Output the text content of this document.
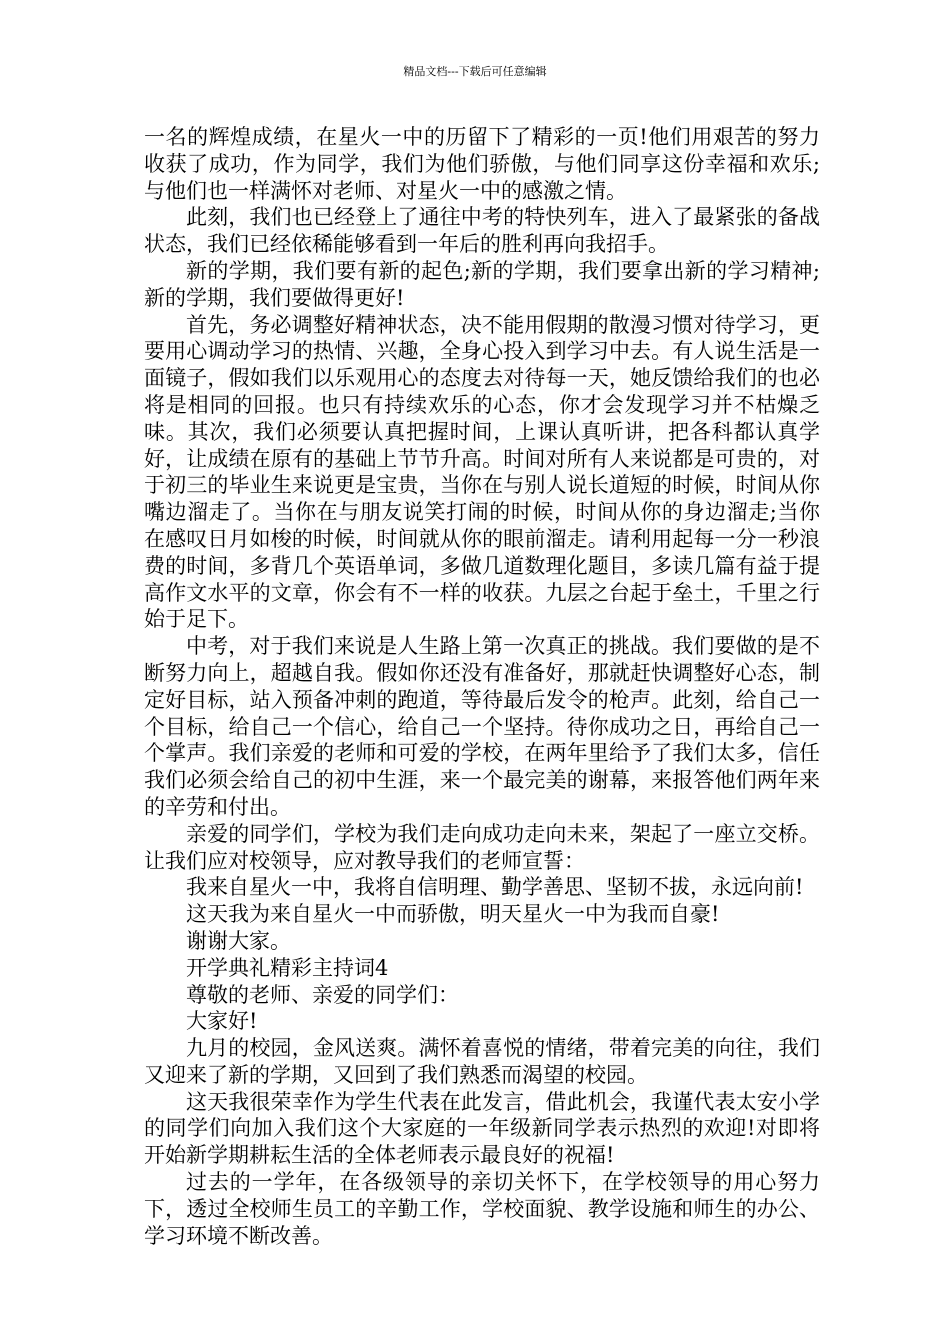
精品文档---下载后可任意编辑

一名的辉煌成绩，在星火一中的历留下了精彩的一页!他们用艰苦的努力收获了成功，作为同学，我们为他们骄傲，与他们同享这份幸福和欢乐;与他们也一样满怀对老师、对星火一中的感激之情。

此刻，我们也已经登上了通往中考的特快列车，进入了最紧张的备战状态，我们已经依稀能够看到一年后的胜利再向我招手。

新的学期，我们要有新的起色;新的学期，我们要拿出新的学习精神;新的学期，我们要做得更好!

首先，务必调整好精神状态，决不能用假期的散漫习惯对待学习，更要用心调动学习的热情、兴趣，全身心投入到学习中去。有人说生活是一面镜子，假如我们以乐观用心的态度去对待每一天，她反馈给我们的也必将是相同的回报。也只有持续欢乐的心态，你才会发现学习并不枯燥乏味。其次，我们必须要认真把握时间，上课认真听讲，把各科都认真学好，让成绩在原有的基础上节节升高。时间对所有人来说都是可贵的，对于初三的毕业生来说更是宝贵，当你在与别人说长道短的时候，时间从你嘴边溜走了。当你在与朋友说笑打闹的时候，时间从你的身边溜走;当你在感叹日月如梭的时候，时间就从你的眼前溜走。请利用起每一分一秒浪费的时间，多背几个英语单词，多做几道数理化题目，多读几篇有益于提高作文水平的文章，你会有不一样的收获。九层之台起于垒土，千里之行始于足下。

中考，对于我们来说是人生路上第一次真正的挑战。我们要做的是不断努力向上，超越自我。假如你还没有准备好，那就赶快调整好心态，制定好目标，站入预备冲刺的跑道，等待最后发令的枪声。此刻，给自己一个目标，给自己一个信心，给自己一个坚持。待你成功之日，再给自己一个掌声。我们亲爱的老师和可爱的学校，在两年里给予了我们太多，信任我们必须会给自己的初中生涯，来一个最完美的谢幕，来报答他们两年来的辛劳和付出。

亲爱的同学们，学校为我们走向成功走向未来，架起了一座立交桥。让我们应对校领导，应对教导我们的老师宣誓：

我来自星火一中，我将自信明理、勤学善思、坚韧不拔，永远向前!

这天我为来自星火一中而骄傲，明天星火一中为我而自豪!

谢谢大家。

开学典礼精彩主持词4

尊敬的老师、亲爱的同学们：

大家好!

九月的校园，金风送爽。满怀着喜悦的情绪，带着完美的向往，我们又迎来了新的学期，又回到了我们熟悉而渴望的校园。

这天我很荣幸作为学生代表在此发言，借此机会，我谨代表太安小学的同学们向加入我们这个大家庭的一年级新同学表示热烈的欢迎!对即将开始新学期耕耘生活的全体老师表示最良好的祝福!

过去的一学年，在各级领导的亲切关怀下，在学校领导的用心努力下，透过全校师生员工的辛勤工作，学校面貌、教学设施和师生的办公、学习环境不断改善。
